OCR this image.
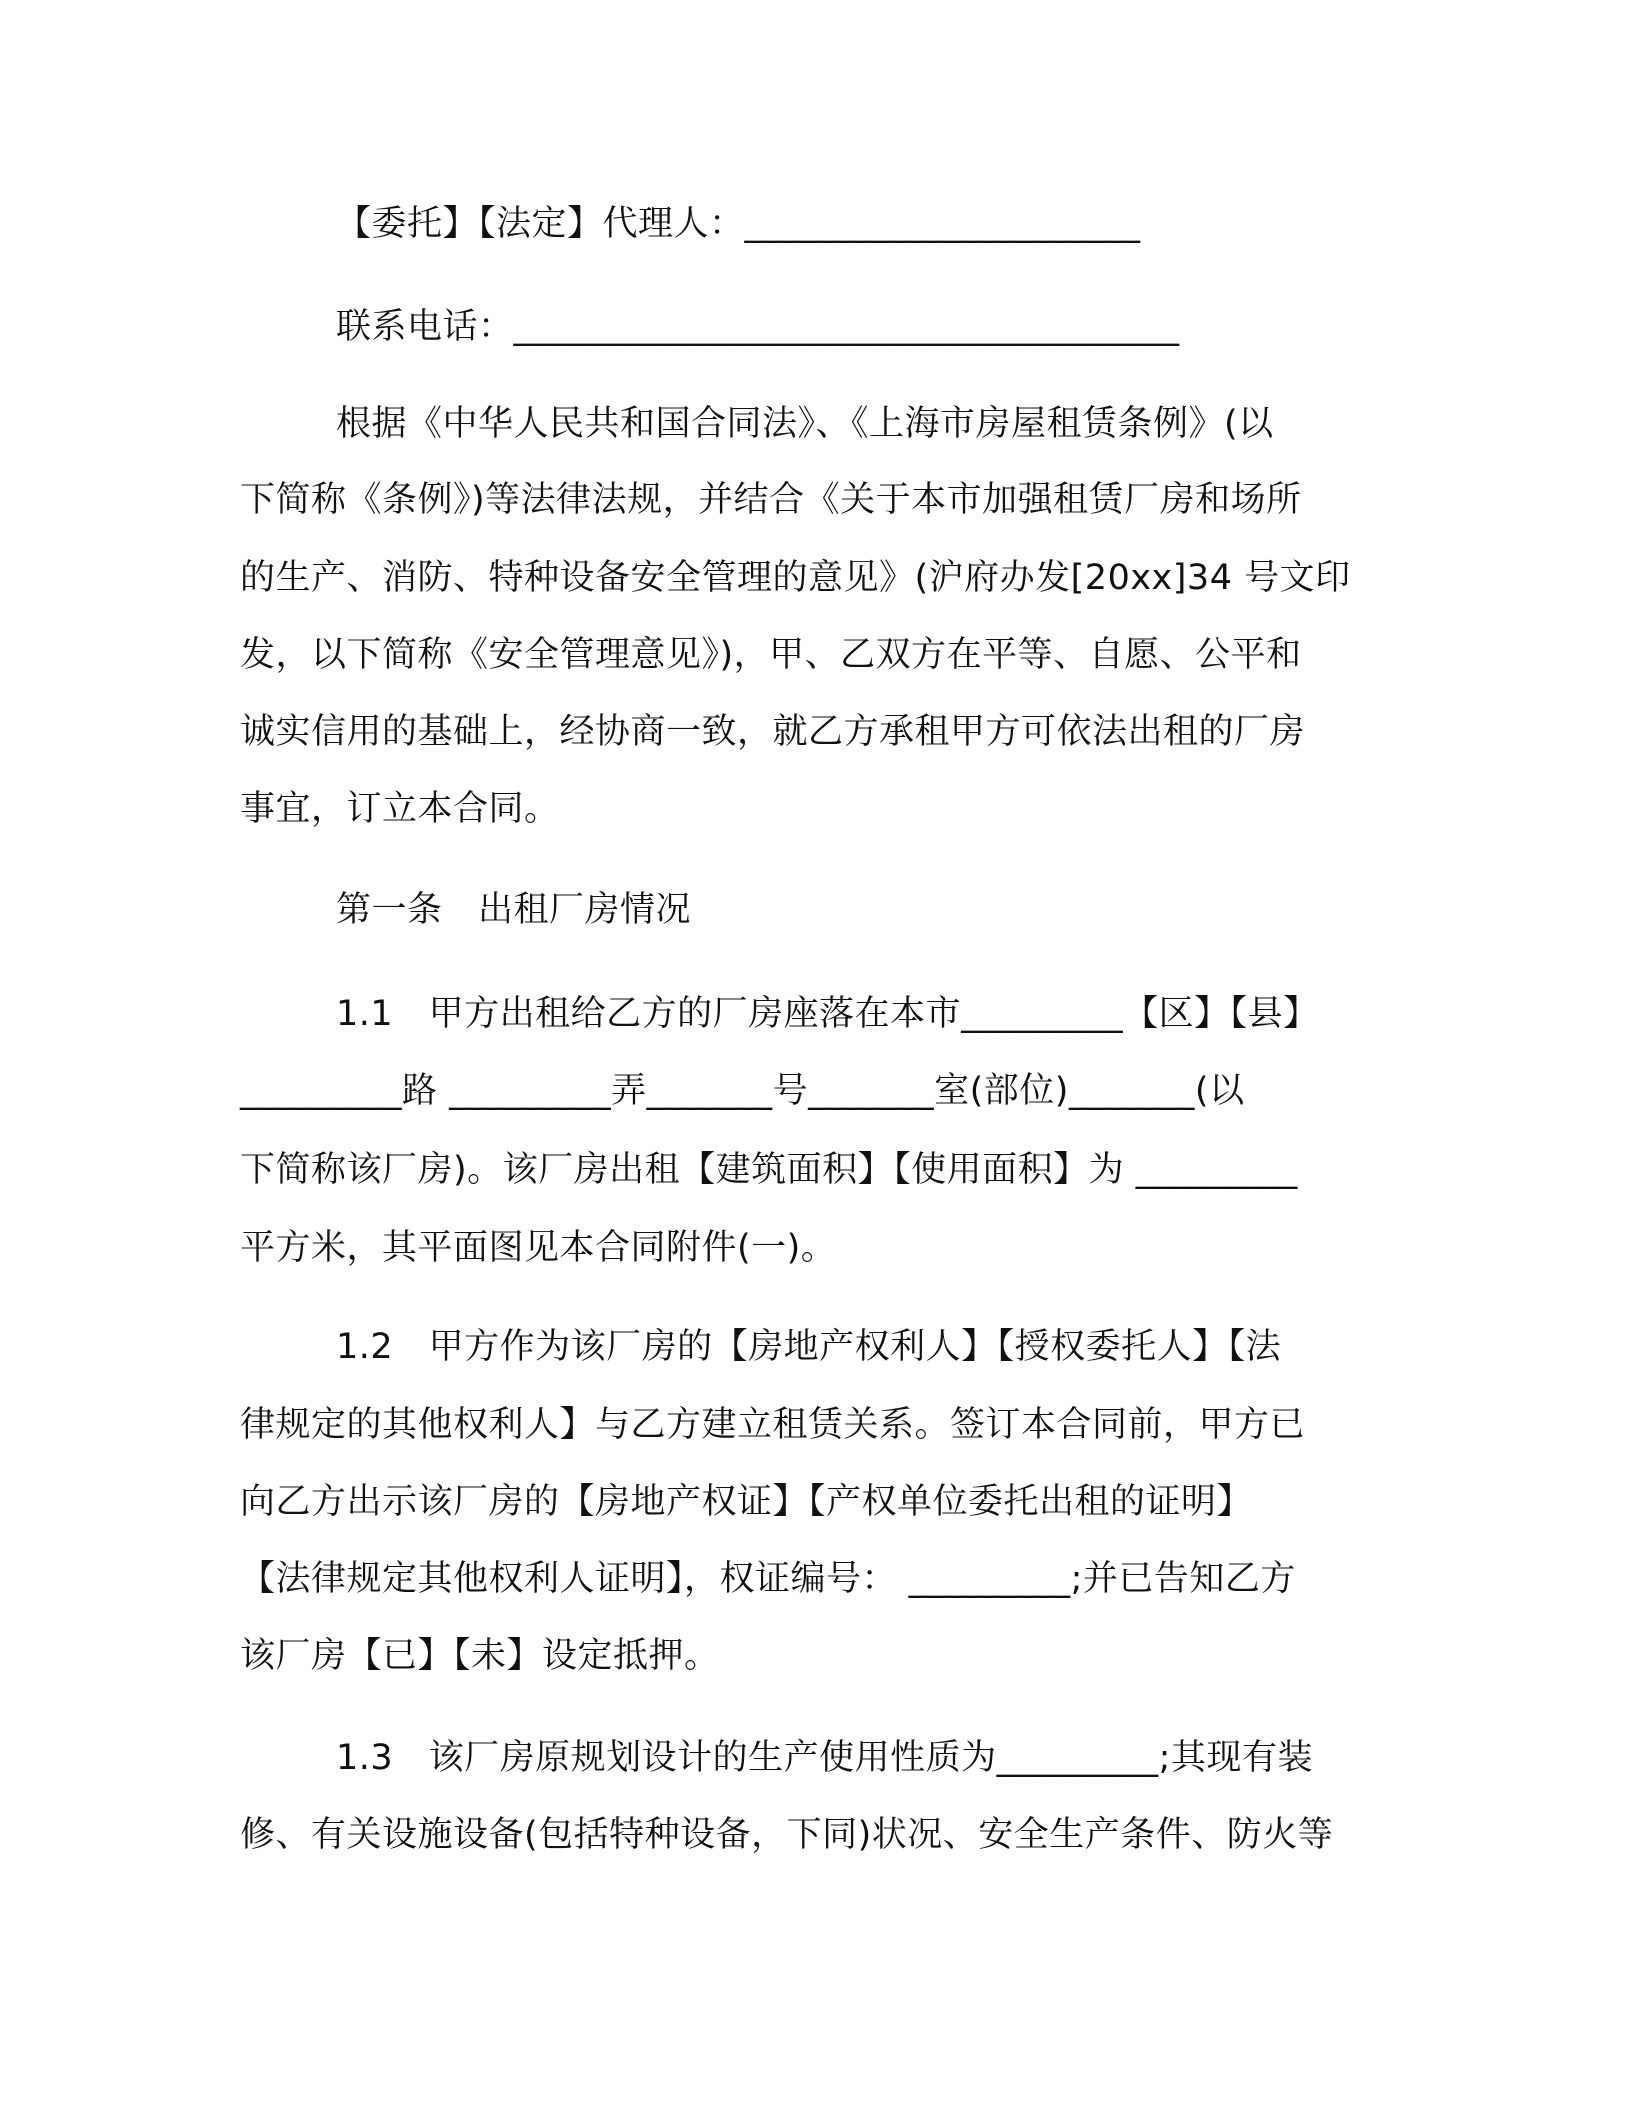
【委托】【法定】代理人：______________________
联系电话：_____________________________________
根据《中华人民共和国合同法》、《上海市房屋租赁条例》(以
下简称《条例》)等法律法规，并结合《关于本市加强租赁厂房和场所
的生产、消防、特种设备安全管理的意见》(沪府办发[20xx]34 号文印
发，以下简称《安全管理意见》)，甲、乙双方在平等、自愿、公平和
诚实信用的基础上，经协商一致，就乙方承租甲方可依法出租的厂房
事宜，订立本合同。
第一条　出租厂房情况
1.1　甲方出租给乙方的厂房座落在本市_________【区】【县】
_________路 _________弄_______号_______室(部位)_______(以
下简称该厂房)。该厂房出租【建筑面积】【使用面积】为 _________
平方米，其平面图见本合同附件(一)。
1.2　甲方作为该厂房的【房地产权利人】【授权委托人】【法
律规定的其他权利人】与乙方建立租赁关系。签订本合同前，甲方已
向乙方出示该厂房的【房地产权证】【产权单位委托出租的证明】
【法律规定其他权利人证明】，权证编号： _________;并已告知乙方
该厂房【已】【未】设定抵押。
1.3　该厂房原规划设计的生产使用性质为_________;其现有装
修、有关设施设备(包括特种设备，下同)状况、安全生产条件、防火等
